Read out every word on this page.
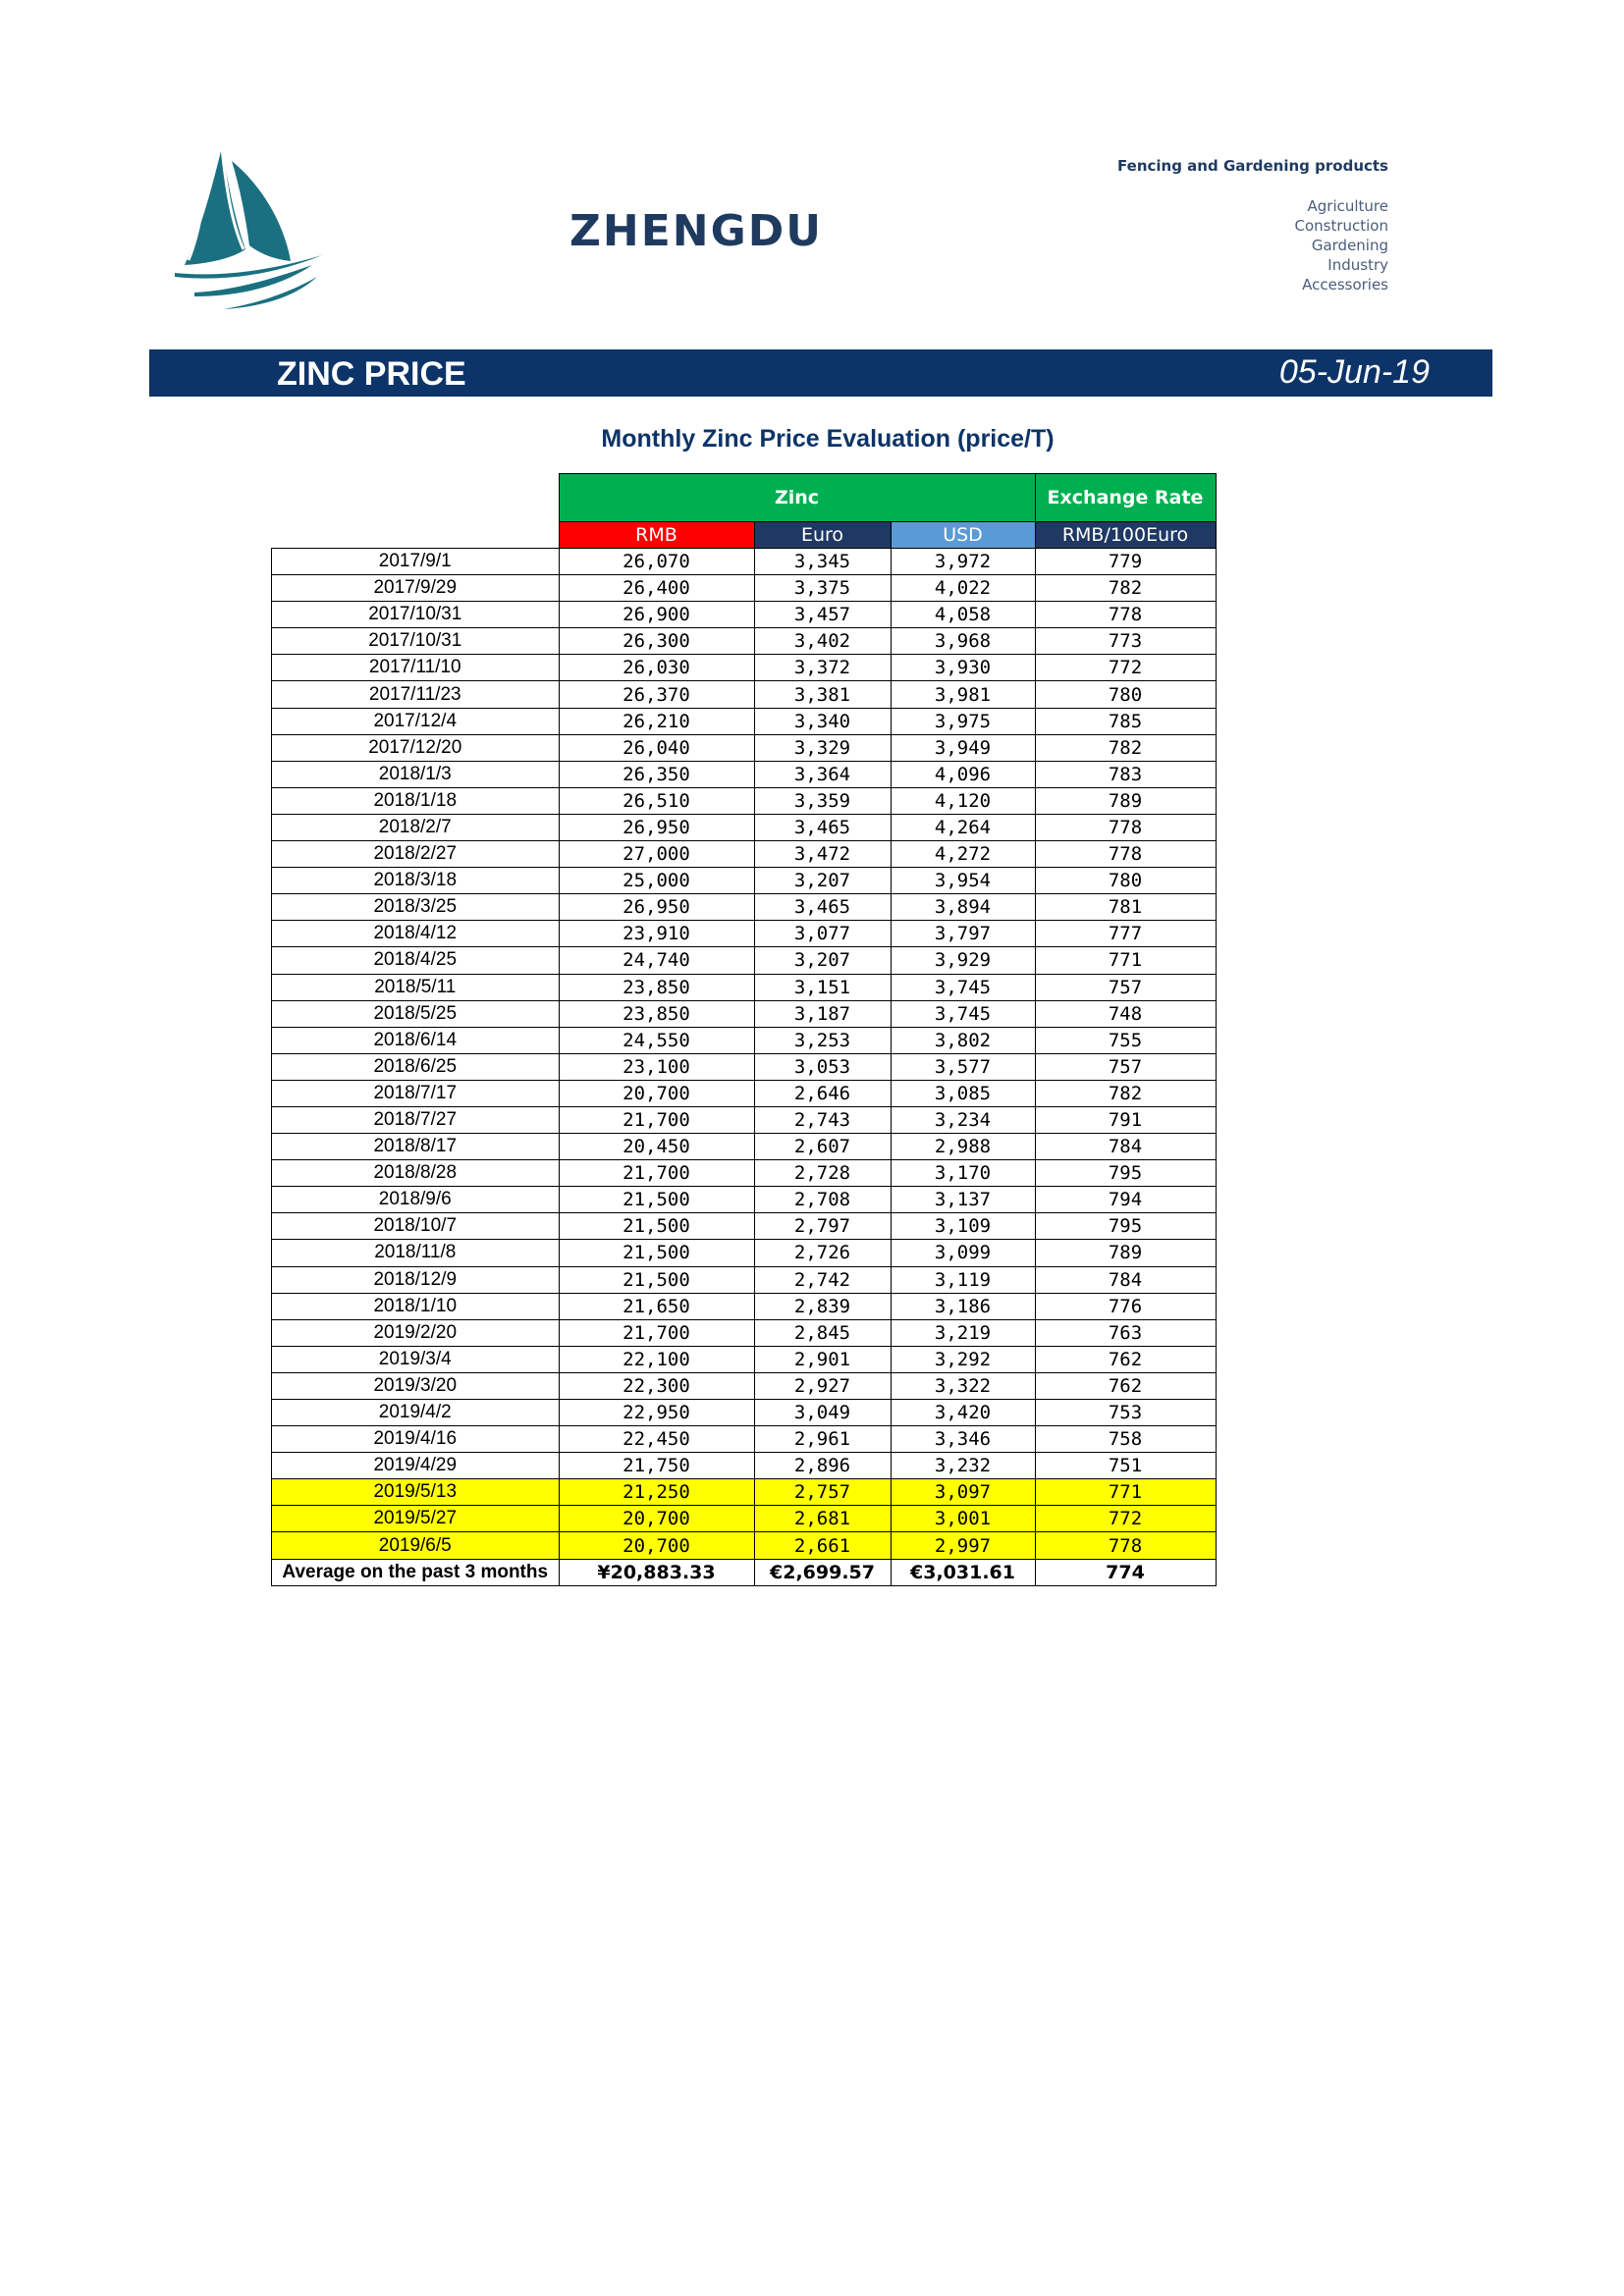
ZHENGDU
Fencing and Gardening products
Agriculture
Construction
Gardening
Industry
Accessories
ZINC PRICE	05-Jun-19
Monthly Zinc Price Evaluation (price/T)
	Zinc			Exchange Rate
	RMB	Euro	USD	RMB/100Euro
2017/9/1	26,070	3,345	3,972	779
2017/9/29	26,400	3,375	4,022	782
2017/10/31	26,900	3,457	4,058	778
2017/10/31	26,300	3,402	3,968	773
2017/11/10	26,030	3,372	3,930	772
2017/11/23	26,370	3,381	3,981	780
2017/12/4	26,210	3,340	3,975	785
2017/12/20	26,040	3,329	3,949	782
2018/1/3	26,350	3,364	4,096	783
2018/1/18	26,510	3,359	4,120	789
2018/2/7	26,950	3,465	4,264	778
2018/2/27	27,000	3,472	4,272	778
2018/3/18	25,000	3,207	3,954	780
2018/3/25	26,950	3,465	3,894	781
2018/4/12	23,910	3,077	3,797	777
2018/4/25	24,740	3,207	3,929	771
2018/5/11	23,850	3,151	3,745	757
2018/5/25	23,850	3,187	3,745	748
2018/6/14	24,550	3,253	3,802	755
2018/6/25	23,100	3,053	3,577	757
2018/7/17	20,700	2,646	3,085	782
2018/7/27	21,700	2,743	3,234	791
2018/8/17	20,450	2,607	2,988	784
2018/8/28	21,700	2,728	3,170	795
2018/9/6	21,500	2,708	3,137	794
2018/10/7	21,500	2,797	3,109	795
2018/11/8	21,500	2,726	3,099	789
2018/12/9	21,500	2,742	3,119	784
2018/1/10	21,650	2,839	3,186	776
2019/2/20	21,700	2,845	3,219	763
2019/3/4	22,100	2,901	3,292	762
2019/3/20	22,300	2,927	3,322	762
2019/4/2	22,950	3,049	3,420	753
2019/4/16	22,450	2,961	3,346	758
2019/4/29	21,750	2,896	3,232	751
2019/5/13	21,250	2,757	3,097	771
2019/5/27	20,700	2,681	3,001	772
2019/6/5	20,700	2,661	2,997	778
Average on the past 3 months	¥20,883.33	€2,699.57	€3,031.61	774
